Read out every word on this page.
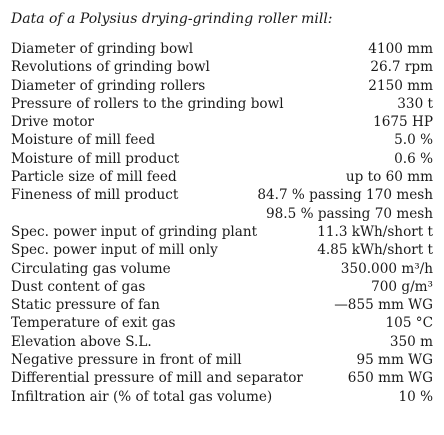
Data of a Polysius drying-grinding roller mill:
Diameter of grinding bowl	4100 mm
Revolutions of grinding bowl	26.7 rpm
Diameter of grinding rollers	2150 mm
Pressure of rollers to the grinding bowl	330 t
Drive motor	1675 HP
Moisture of mill feed	5.0 %
Moisture of mill product	0.6 %
Particle size of mill feed	up to 60 mm
Fineness of mill product	84.7 % passing 170 mesh
98.5 % passing 70 mesh
Spec. power input of grinding plant	11.3 kWh/short t
Spec. power input of mill only	4.85 kWh/short t
Circulating gas volume	350.000 m³/h
Dust content of gas	700 g/m³
Static pressure of fan	—855 mm WG
Temperature of exit gas	105 °C
Elevation above S.L.	350 m
Negative pressure in front of mill	95 mm WG
Differential pressure of mill and separator	650 mm WG
Infiltration air (% of total gas volume)	10 %
